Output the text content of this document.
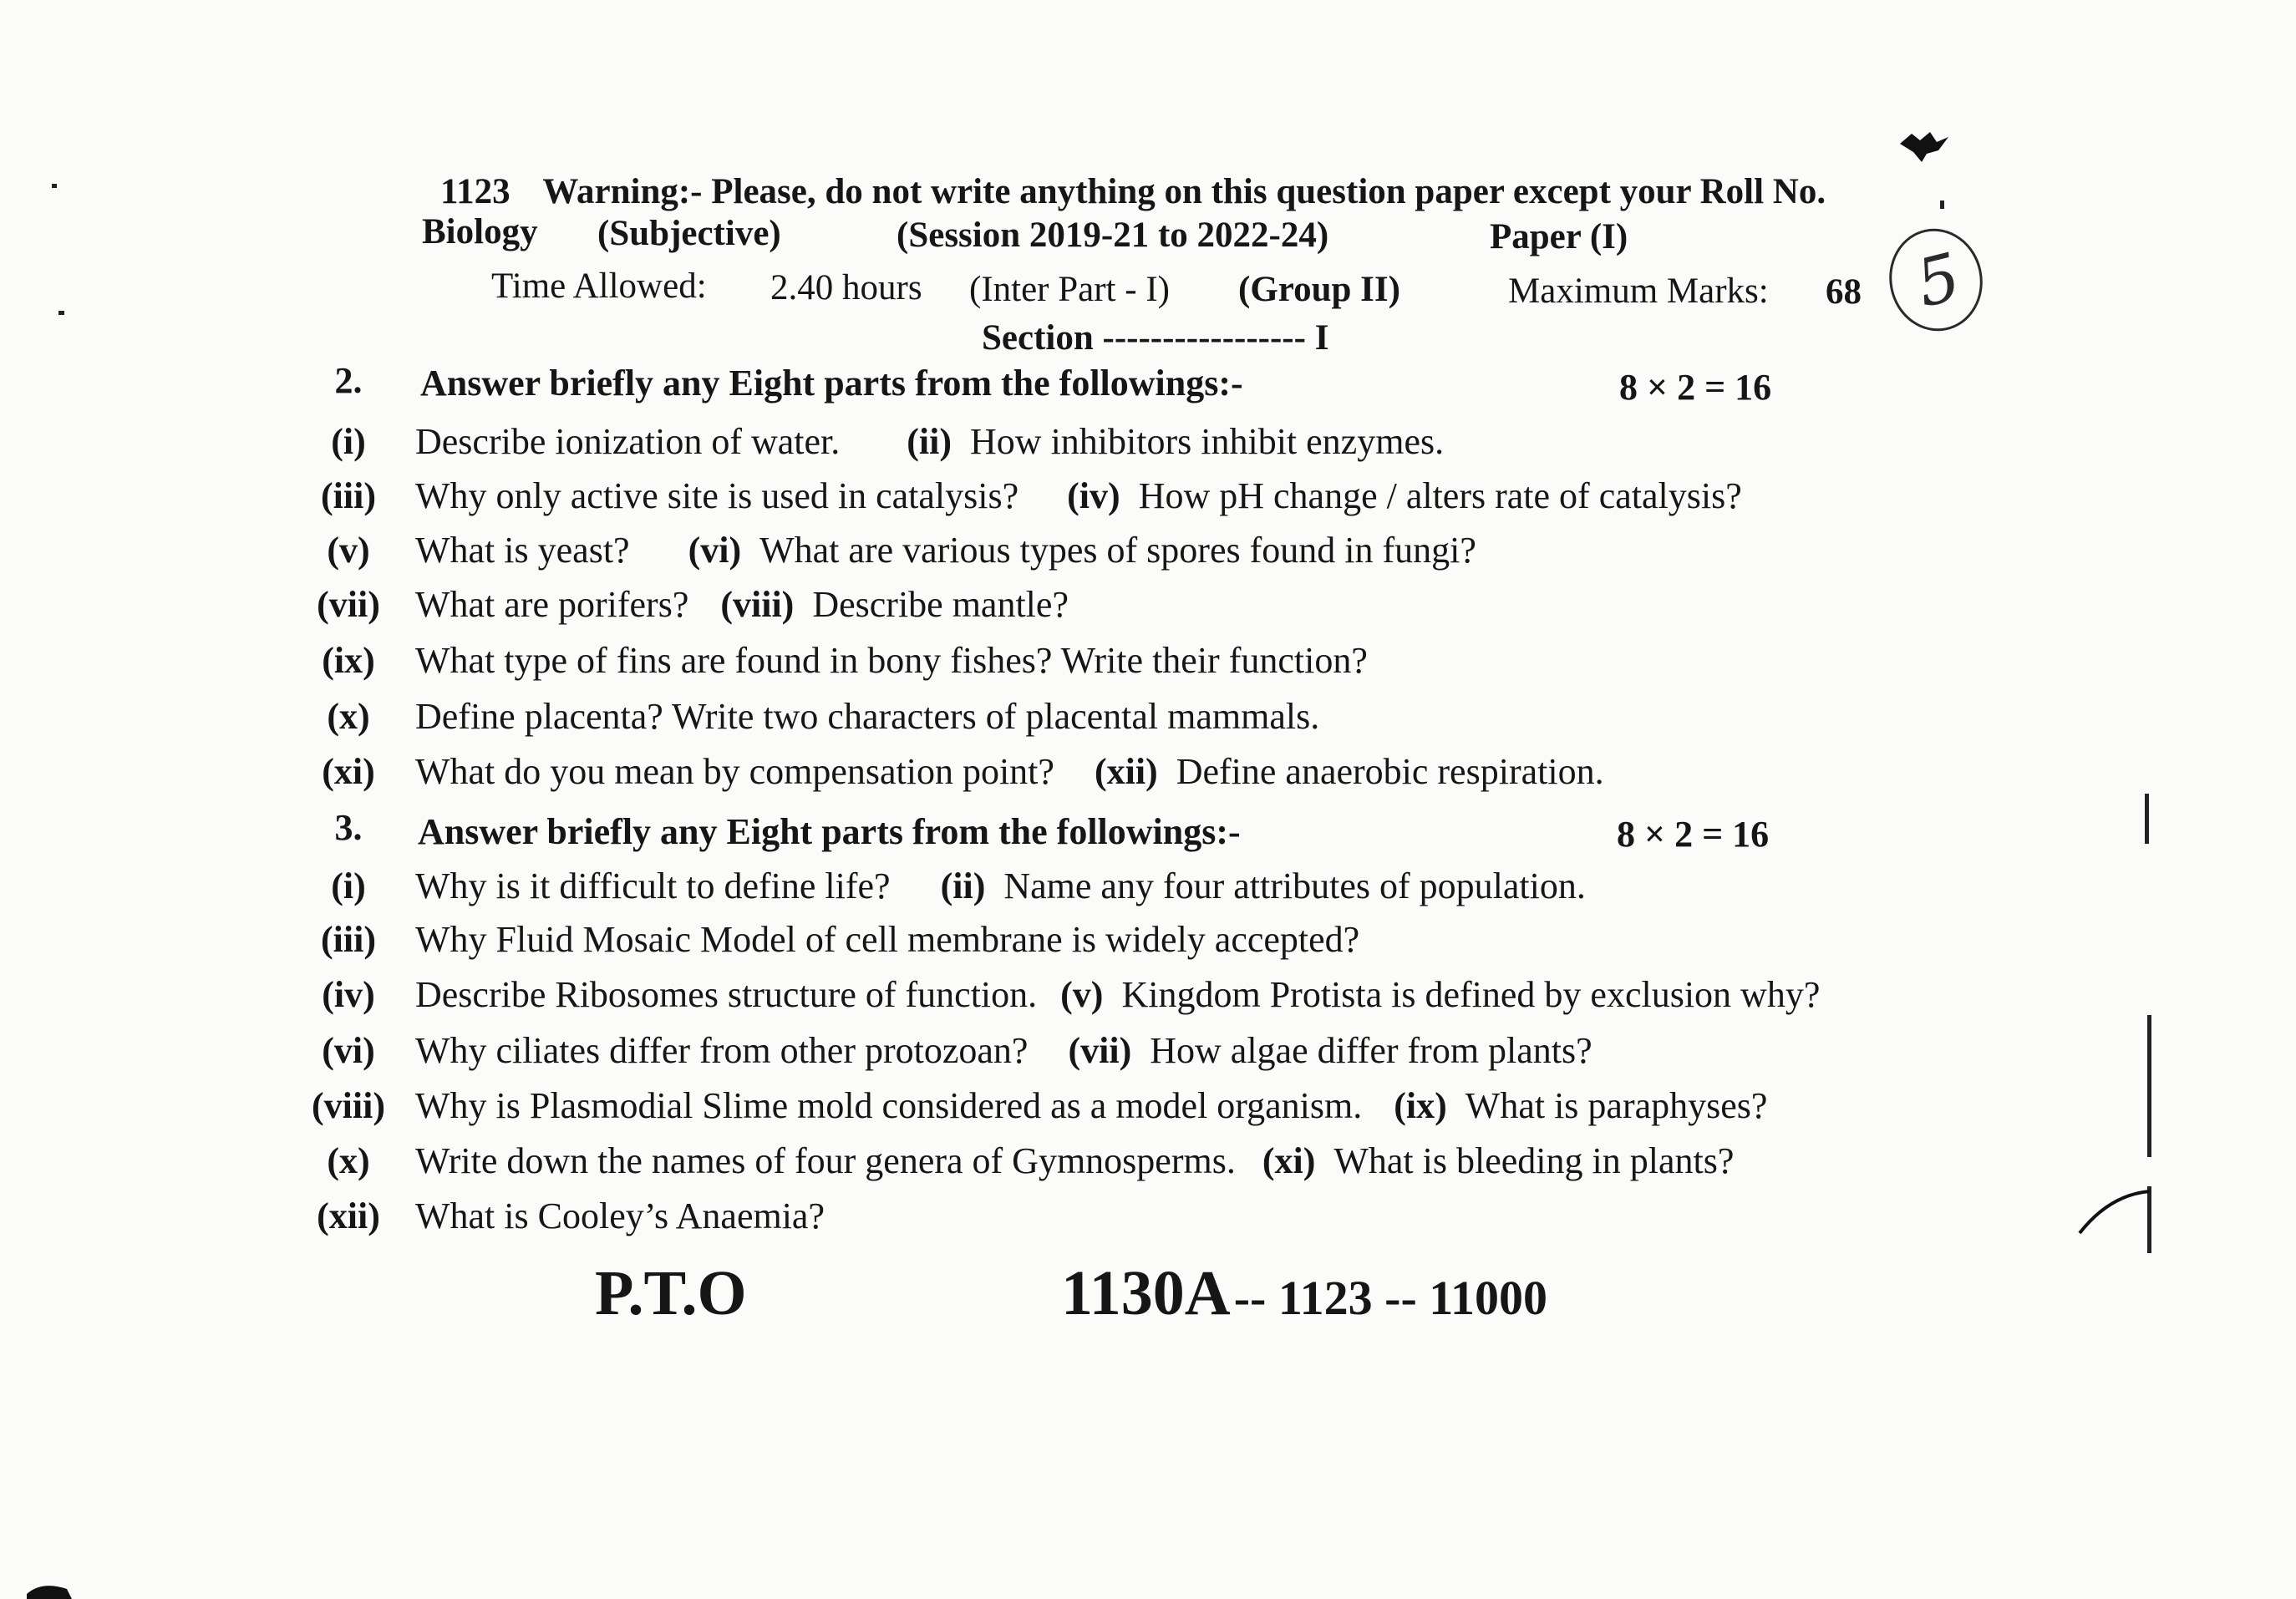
1123 Warning:- Please, do not write anything on this question paper except your Roll No.
Biology (Subjective)	(Session 2019-21 to 2022-24)	Paper (I)
Time Allowed: 2.40 hours (Inter Part - I) (Group II)	Maximum Marks: 68 5
Section ----------------- I
2.	Answer briefly any Eight parts from the followings:-	8 × 2 = 16
(i)	Describe ionization of water. (ii) How inhibitors inhibit enzymes.
(iii)	Why only active site is used in catalysis? (iv) How pH change / alters rate of catalysis?
(v)	What is yeast? (vi) What are various types of spores found in fungi?
(vii) What are porifers? (viii) Describe mantle?
(ix)	What type of fins are found in bony fishes? Write their function?
(x)	Define placenta? Write two characters of placental mammals.
(xi)	What do you mean by compensation point? (xii) Define anaerobic respiration.
3.	Answer briefly any Eight parts from the followings:-	8 × 2 = 16
(i)	Why is it difficult to define life? (ii) Name any four attributes of population.
(iii)	Why Fluid Mosaic Model of cell membrane is widely accepted?
(iv)	Describe Ribosomes structure of function. (v) Kingdom Protista is defined by exclusion why?
(vi)	Why ciliates differ from other protozoan? (vii) How algae differ from plants?
(viii) Why is Plasmodial Slime mold considered as a model organism. (ix) What is paraphyses?
(x)	Write down the names of four genera of Gymnosperms. (xi) What is bleeding in plants?
(xii) What is Cooley’s Anaemia?
P.T.O	1130A -- 1123 -- 11000
